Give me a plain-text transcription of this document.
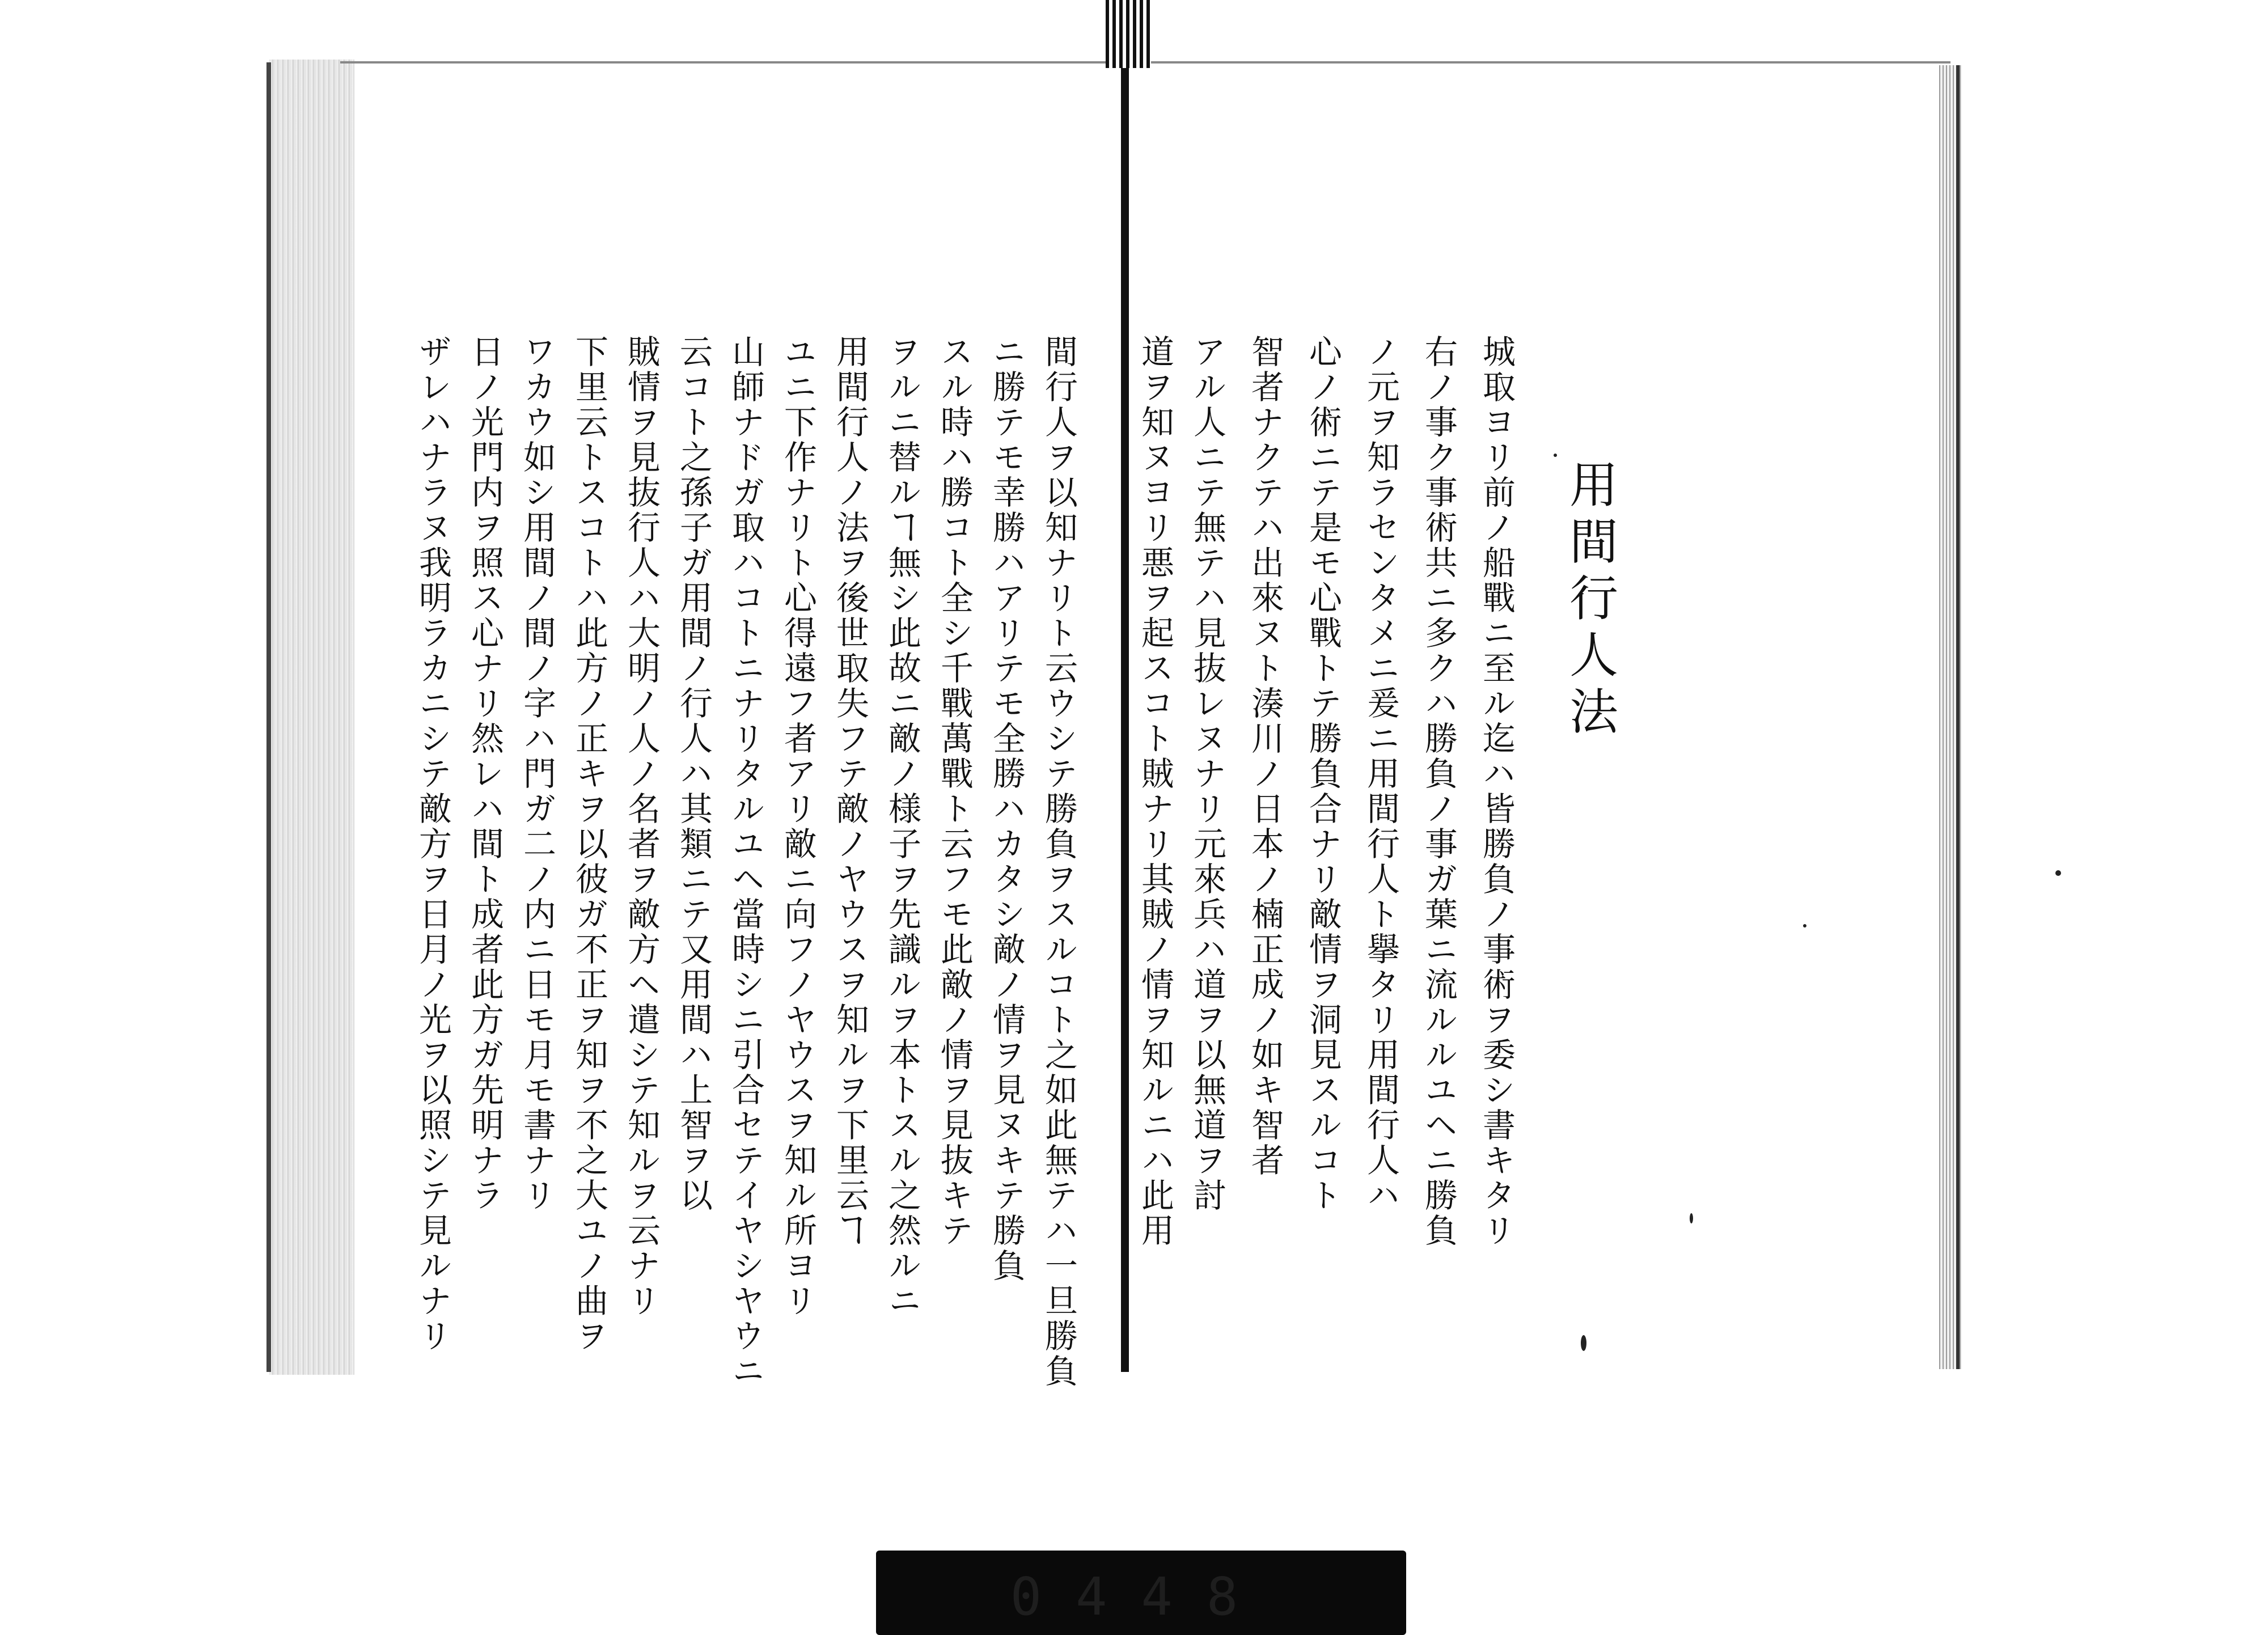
用間行人法
城取ヨリ前ノ船戰ニ至ル迄ハ皆勝負ノ事術ヲ委シ書キタリ
右ノ事ク事術共ニ多クハ勝負ノ事ガ葉ニ流ルルユヘニ勝負
ノ元ヲ知ラセンタメニ爰ニ用間行人ト擧タリ用間行人ハ
心ノ術ニテ是モ心戰トテ勝負合ナリ敵情ヲ洞見スルコト
智者ナクテハ出來ヌト湊川ノ日本ノ楠正成ノ如キ智者
アル人ニテ無テハ見抜レヌナリ元來兵ハ道ヲ以無道ヲ討
道ヲ知ヌヨリ悪ヲ起スコト賊ナリ其賊ノ情ヲ知ルニハ此用
間行人ヲ以知ナリト云ウシテ勝負ヲスルコト之如此無テハ一旦勝負
ニ勝テモ幸勝ハアリテモ全勝ハカタシ敵ノ情ヲ見ヌキテ勝負
スル時ハ勝コト全シ千戰萬戰ト云フモ此敵ノ情ヲ見抜キテ
ヲルニ替ルヿ無シ此故ニ敵ノ様子ヲ先識ルヲ本トスル之然ルニ
用間行人ノ法ヲ後世取失フテ敵ノヤウスヲ知ルヲ下里云ヿ
ユニ下作ナリト心得遠フ者アリ敵ニ向フノヤウスヲ知ル所ヨリ
山師ナドガ取ハコトニナリタルユヘ當時シニ引合セテイヤシヤウニ
云コト之孫子ガ用間ノ行人ハ其類ニテ又用間ハ上智ヲ以
賊情ヲ見抜行人ハ大明ノ人ノ名者ヲ敵方ヘ遣シテ知ルヲ云ナリ
下里云トスコトハ此方ノ正キヲ以彼ガ不正ヲ知ヲ不之大ユノ曲ヲ
ワカウ如シ用間ノ間ノ字ハ門ガ二ノ内ニ日モ月モ書ナリ
日ノ光門内ヲ照ス心ナリ然レハ間ト成者此方ガ先明ナラ
ザレハナラヌ我明ラカニシテ敵方ヲ日月ノ光ヲ以照シテ見ルナリ
0448
